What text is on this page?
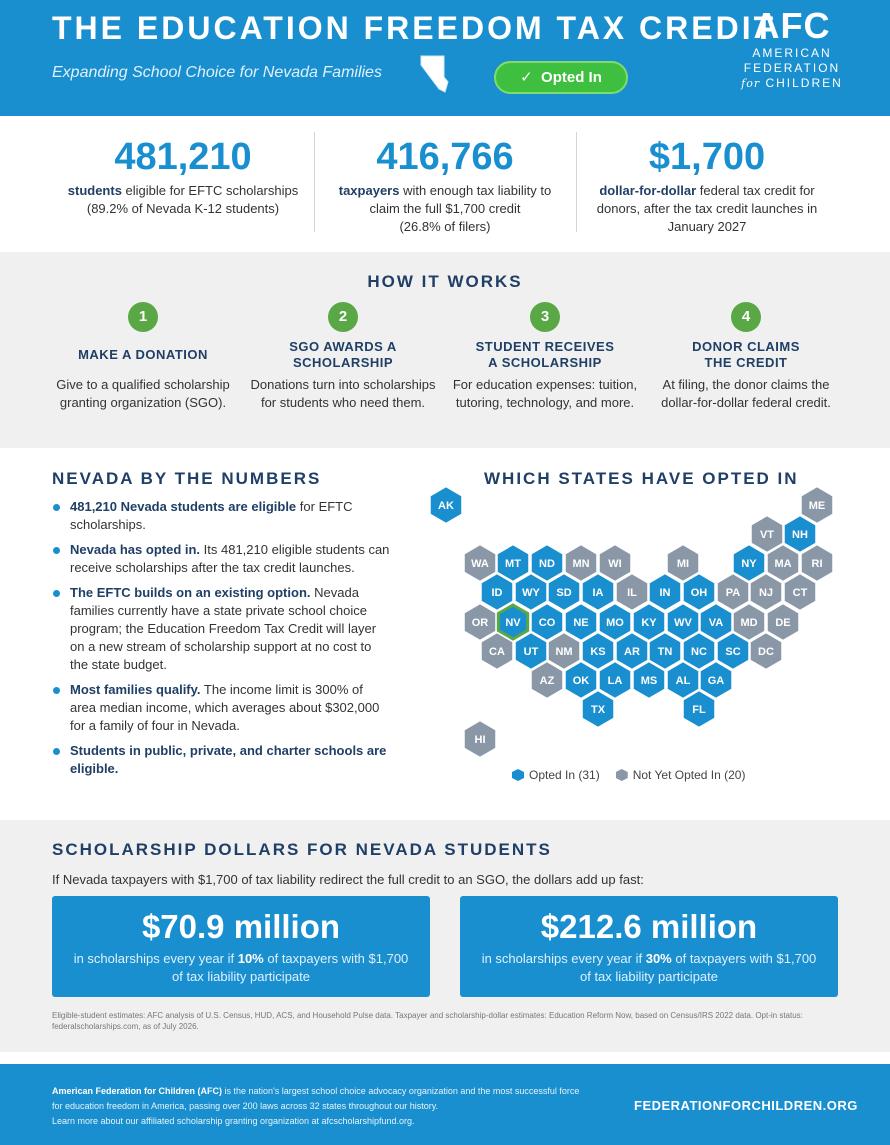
THE EDUCATION FREEDOM TAX CREDIT
Expanding School Choice for Nevada Families	✓ Opted In
AFC
AMERICAN
FEDERATION
for CHILDREN
481,210
students eligible for EFTC scholarships
(89.2% of Nevada K-12 students)
416,766
taxpayers with enough tax liability to
claim the full $1,700 credit
(26.8% of filers)
$1,700
dollar-for-dollar federal tax credit for
donors, after the tax credit launches in
January 2027
HOW IT WORKS
1
MAKE A DONATION
Give to a qualified scholarship granting organization (SGO).
2
SGO AWARDS A SCHOLARSHIP
Donations turn into scholarships for students who need them.
3
STUDENT RECEIVES A SCHOLARSHIP
For education expenses: tuition, tutoring, technology, and more.
4
DONOR CLAIMS THE CREDIT
At filing, the donor claims the dollar-for-dollar federal credit.
NEVADA BY THE NUMBERS
481,210 Nevada students are eligible for EFTC scholarships.
Nevada has opted in. Its 481,210 eligible students can receive scholarships after the tax credit launches.
The EFTC builds on an existing option. Nevada families currently have a state private school choice program; the Education Freedom Tax Credit will layer on a new stream of scholarship support at no cost to the state budget.
Most families qualify. The income limit is 300% of area median income, which averages about $302,000 for a family of four in Nevada.
Students in public, private, and charter schools are eligible.
WHICH STATES HAVE OPTED IN
AK	ME
VT NH
WA MT ND MN WI	MI	NY MA RI
ID WY SD IA IL IN OH PA NJ CT
OR NV CO NE MO KY WV VA MD DE
CA UT NM KS AR TN NC SC DC
AZ OK LA MS AL GA
TX	FL
HI
Opted In (31)	Not Yet Opted In (20)
SCHOLARSHIP DOLLARS FOR NEVADA STUDENTS
If Nevada taxpayers with $1,700 of tax liability redirect the full credit to an SGO, the dollars add up fast:
$70.9 million
in scholarships every year if 10% of taxpayers with $1,700 of tax liability participate
$212.6 million
in scholarships every year if 30% of taxpayers with $1,700 of tax liability participate
Eligible-student estimates: AFC analysis of U.S. Census, HUD, ACS, and Household Pulse data. Taxpayer and scholarship-dollar estimates: Education Reform Now, based on Census/IRS 2022 data. Opt-in status: federalscholarships.com, as of July 2026.
American Federation for Children (AFC) is the nation's largest school choice advocacy organization and the most successful force for education freedom in America, passing over 200 laws across 32 states throughout our history.
Learn more about our affiliated scholarship granting organization at afcscholarshipfund.org.
FEDERATIONFORCHILDREN.ORG
